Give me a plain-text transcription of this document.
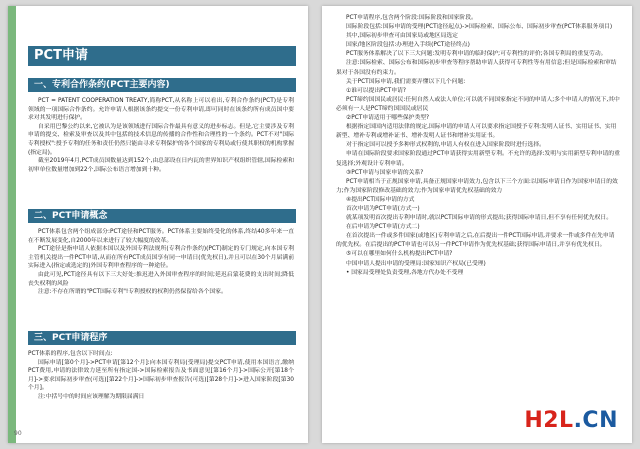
PCT申请
一、专利合作条约(PCT主要内容)

PCT = PATENT COOPERATION TREATY,简称PCT,从名称上可以看出,专利合作条约(PCT)是专利领域的一项国际合作条约。允许申请人根据该条约提交一份专利申请,即可同时在该条约所有成员国中要求对其发明进行保护。

自采用巴黎公约以来,它被认为是该领域进行国际合作最具有意义的进步标志。但是,它主要涉及专利申请的提交、检索及审查以及其中包括的技术信息的传播的合作性和合理性的一个条约。PCT不对"国际专利授权":授予专利的任务和责任仍然只能由寻求专利保护的各个国家的专利局或行使其职权的机构掌握(指定局)。

截至2019年4月,PCT成员国数量达到152个,由总部设在日内瓦的世界知识产权组织管辖,国际检索和初审单位数量增加到22个,国际公布语言增加到十种。

二、PCT申请概念

PCT体系包含两个组成部分:PCT途径和PCT服务。PCT体系主要始终受化的体系,终结40多年来一直在不断发展变化,自2000年以来进行了较大幅度的改革。

PCT途径是指申请人依据本国以及外国专利法规所(专利合作条约)(PCT)制定的专门规定,向本国专利主管机关提出一件PCT申请,从而在所有PCT成员国享有同一申请日(优先权日),并且可以在30个月届满前实际进入(指定或选定的)外国专利审查程序的一种途径。

由此可见,PCT途径具有以下三大好处:推迟进入外国审查程序的时间;延迟启蒙花费的支出时间;降低丧失权利的风险

注意:不存在所谓的"PCT国际专利"!专利授权的权利仍然保留给各个国家。

三、PCT申请程序

PCT体系的程序,包含以下时间点:

国际申请[第0个月]->PCT申请[第12个月]:向本国专利局(受理局)提交PCT申请,使用本国语言,缴纳PCT费用,申请的法律效力延至所有指定国->国际检索报告及书面意见[第16个月]->国际公开[第18个月]->要求国际初步审查(可选)[第22个月]->国际初步审查报告(可选)[第28个月]->进入国家阶段[第30个月]。

注:中括号中的时间应该理解为期限届满日

90

PCT申请程序,包含两个阶段:国际阶段和国家阶段。

国际阶段包括:国际申请的受理(PCT途径起点)->国际检索、国际公布、国际初步审查(PCT体系服务项目)

其中,国际初步审查可由国家局或地区局选定

国家/地区阶段包括:办理进入手续(PCT途径终点)

PCT服务体系解决了以下三大问题:发明专利申请的临时保护;可专利性的评价;各国专利局的重复劳动。

注意:国际检索、国际公布和国际初步审查等程序帮助申请人获得可专利性等有用信息;但是国际检索和审结果对于各国没有约束力。

关于PCT国际申请,我们需要弄懂以下几个问题:

①谁可以提出PCT申请?

PCT缔约国国民或居民:任何自然人或法人单位;可以就不同国家指定不同的申请人;多个申请人的情况下,其中必须有一人是PCT缔约国国民或居民

②PCT申请适用于哪些保护类型?

根据指定国国内适用法律的规定,国际申请的申请人可以要求指定国授予专利:发明人证书、实用证书、实用新型、增补专利或增补证书、增补发明人证书和增补实用证书。

对于指定国可以授予多种形式权利的,申请人有权在进入国家阶段时进行选择。

申请在国际阶段要求国家阶段通过PCT申请获得实用新型专利。不允许的选择:发明与实用新型专利申请的重复选择;外观设计专利申请。

③PCT申请与国家申请的关系?

PCT申请相当于正规国家申请,具备正规国家申请效力,包含以下三个方面:以国际申请日作为国家申请日的效力;作为国家阶段修改基础的效力;作为国家申请优先权基础的效力

④提出PCT国际申请的方式

首次申请为PCT申请(方式一)

就某项发明首次提出专利申请时,就以PCT国际申请的形式提出;获得国际申请日,但不享有任何优先权日。

在后申请为PCT申请(方式二)

在首次提出一件或多件国家(或地区)专利申请之后,在后提出一件PCT国际申请,并要求一件或多件在先申请的优先权。在后提出的PCT申请也可以另一件PCT申请作为优先权基础;获得国际申请日,并享有优先权日。

⑤可以在哪里如何什么机构提出PCT申请?

中国申请人提出申请的受理局:国家知识产权局(已受理)

• 国家局受理处负责受理,各地方代办处不受理

H2L.CN
